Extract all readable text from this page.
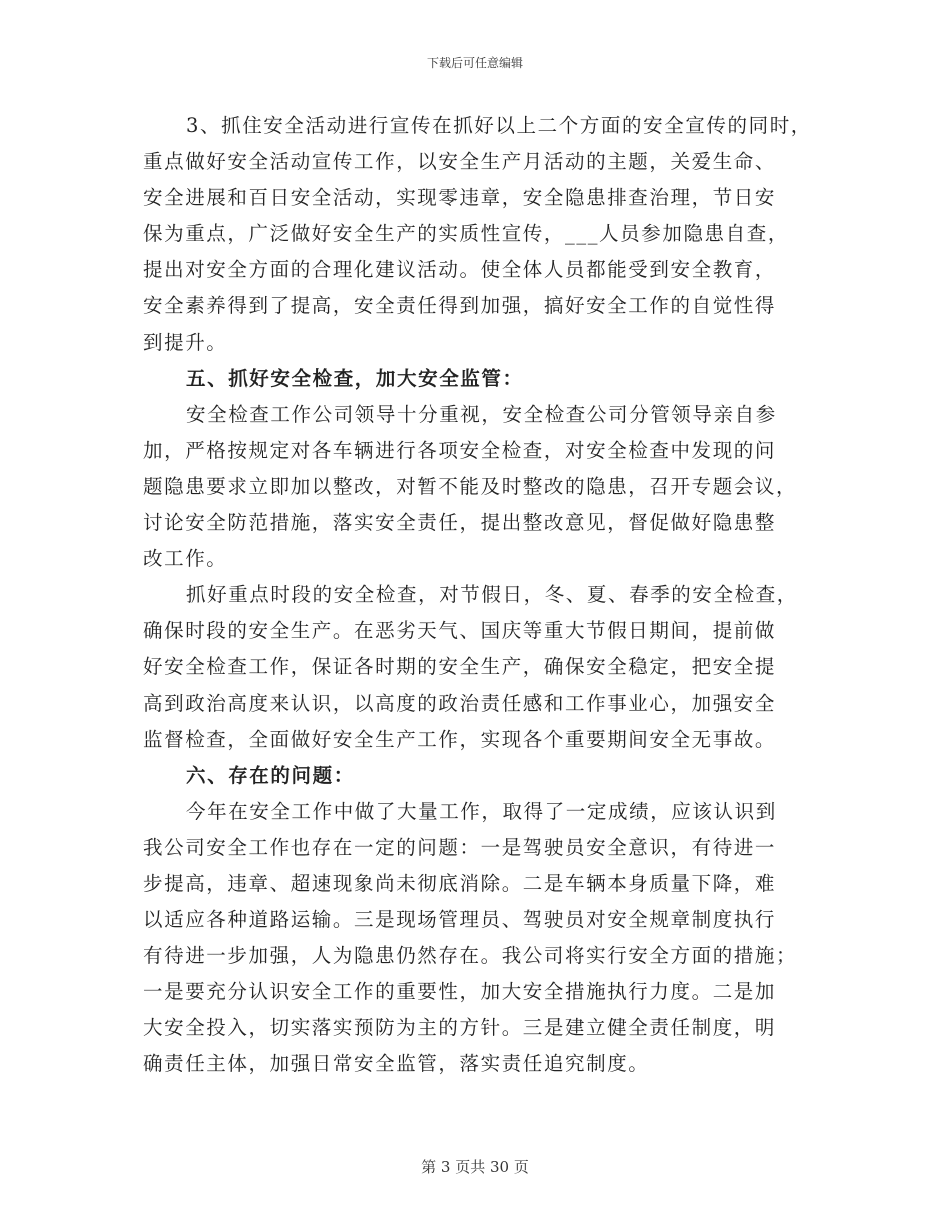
下载后可任意编辑
3、抓住安全活动进行宣传在抓好以上二个方面的安全宣传的同时，
重点做好安全活动宣传工作，以安全生产月活动的主题，关爱生命、
安全进展和百日安全活动，实现零违章，安全隐患排查治理，节日安
保为重点，广泛做好安全生产的实质性宣传，___人员参加隐患自查，
提出对安全方面的合理化建议活动。使全体人员都能受到安全教育，
安全素养得到了提高，安全责任得到加强，搞好安全工作的自觉性得
到提升。
五、抓好安全检查，加大安全监管：
安全检查工作公司领导十分重视，安全检查公司分管领导亲自参
加，严格按规定对各车辆进行各项安全检查，对安全检查中发现的问
题隐患要求立即加以整改，对暂不能及时整改的隐患，召开专题会议，
讨论安全防范措施，落实安全责任，提出整改意见，督促做好隐患整
改工作。
抓好重点时段的安全检查，对节假日，冬、夏、春季的安全检查，
确保时段的安全生产。在恶劣天气、国庆等重大节假日期间，提前做
好安全检查工作，保证各时期的安全生产，确保安全稳定，把安全提
高到政治高度来认识，以高度的政治责任感和工作事业心，加强安全
监督检查，全面做好安全生产工作，实现各个重要期间安全无事故。
六、存在的问题：
今年在安全工作中做了大量工作，取得了一定成绩，应该认识到
我公司安全工作也存在一定的问题：一是驾驶员安全意识，有待进一
步提高，违章、超速现象尚未彻底消除。二是车辆本身质量下降，难
以适应各种道路运输。三是现场管理员、驾驶员对安全规章制度执行
有待进一步加强，人为隐患仍然存在。我公司将实行安全方面的措施；
一是要充分认识安全工作的重要性，加大安全措施执行力度。二是加
大安全投入，切实落实预防为主的方针。三是建立健全责任制度，明
确责任主体，加强日常安全监管，落实责任追究制度。
第 3 页共 30 页
